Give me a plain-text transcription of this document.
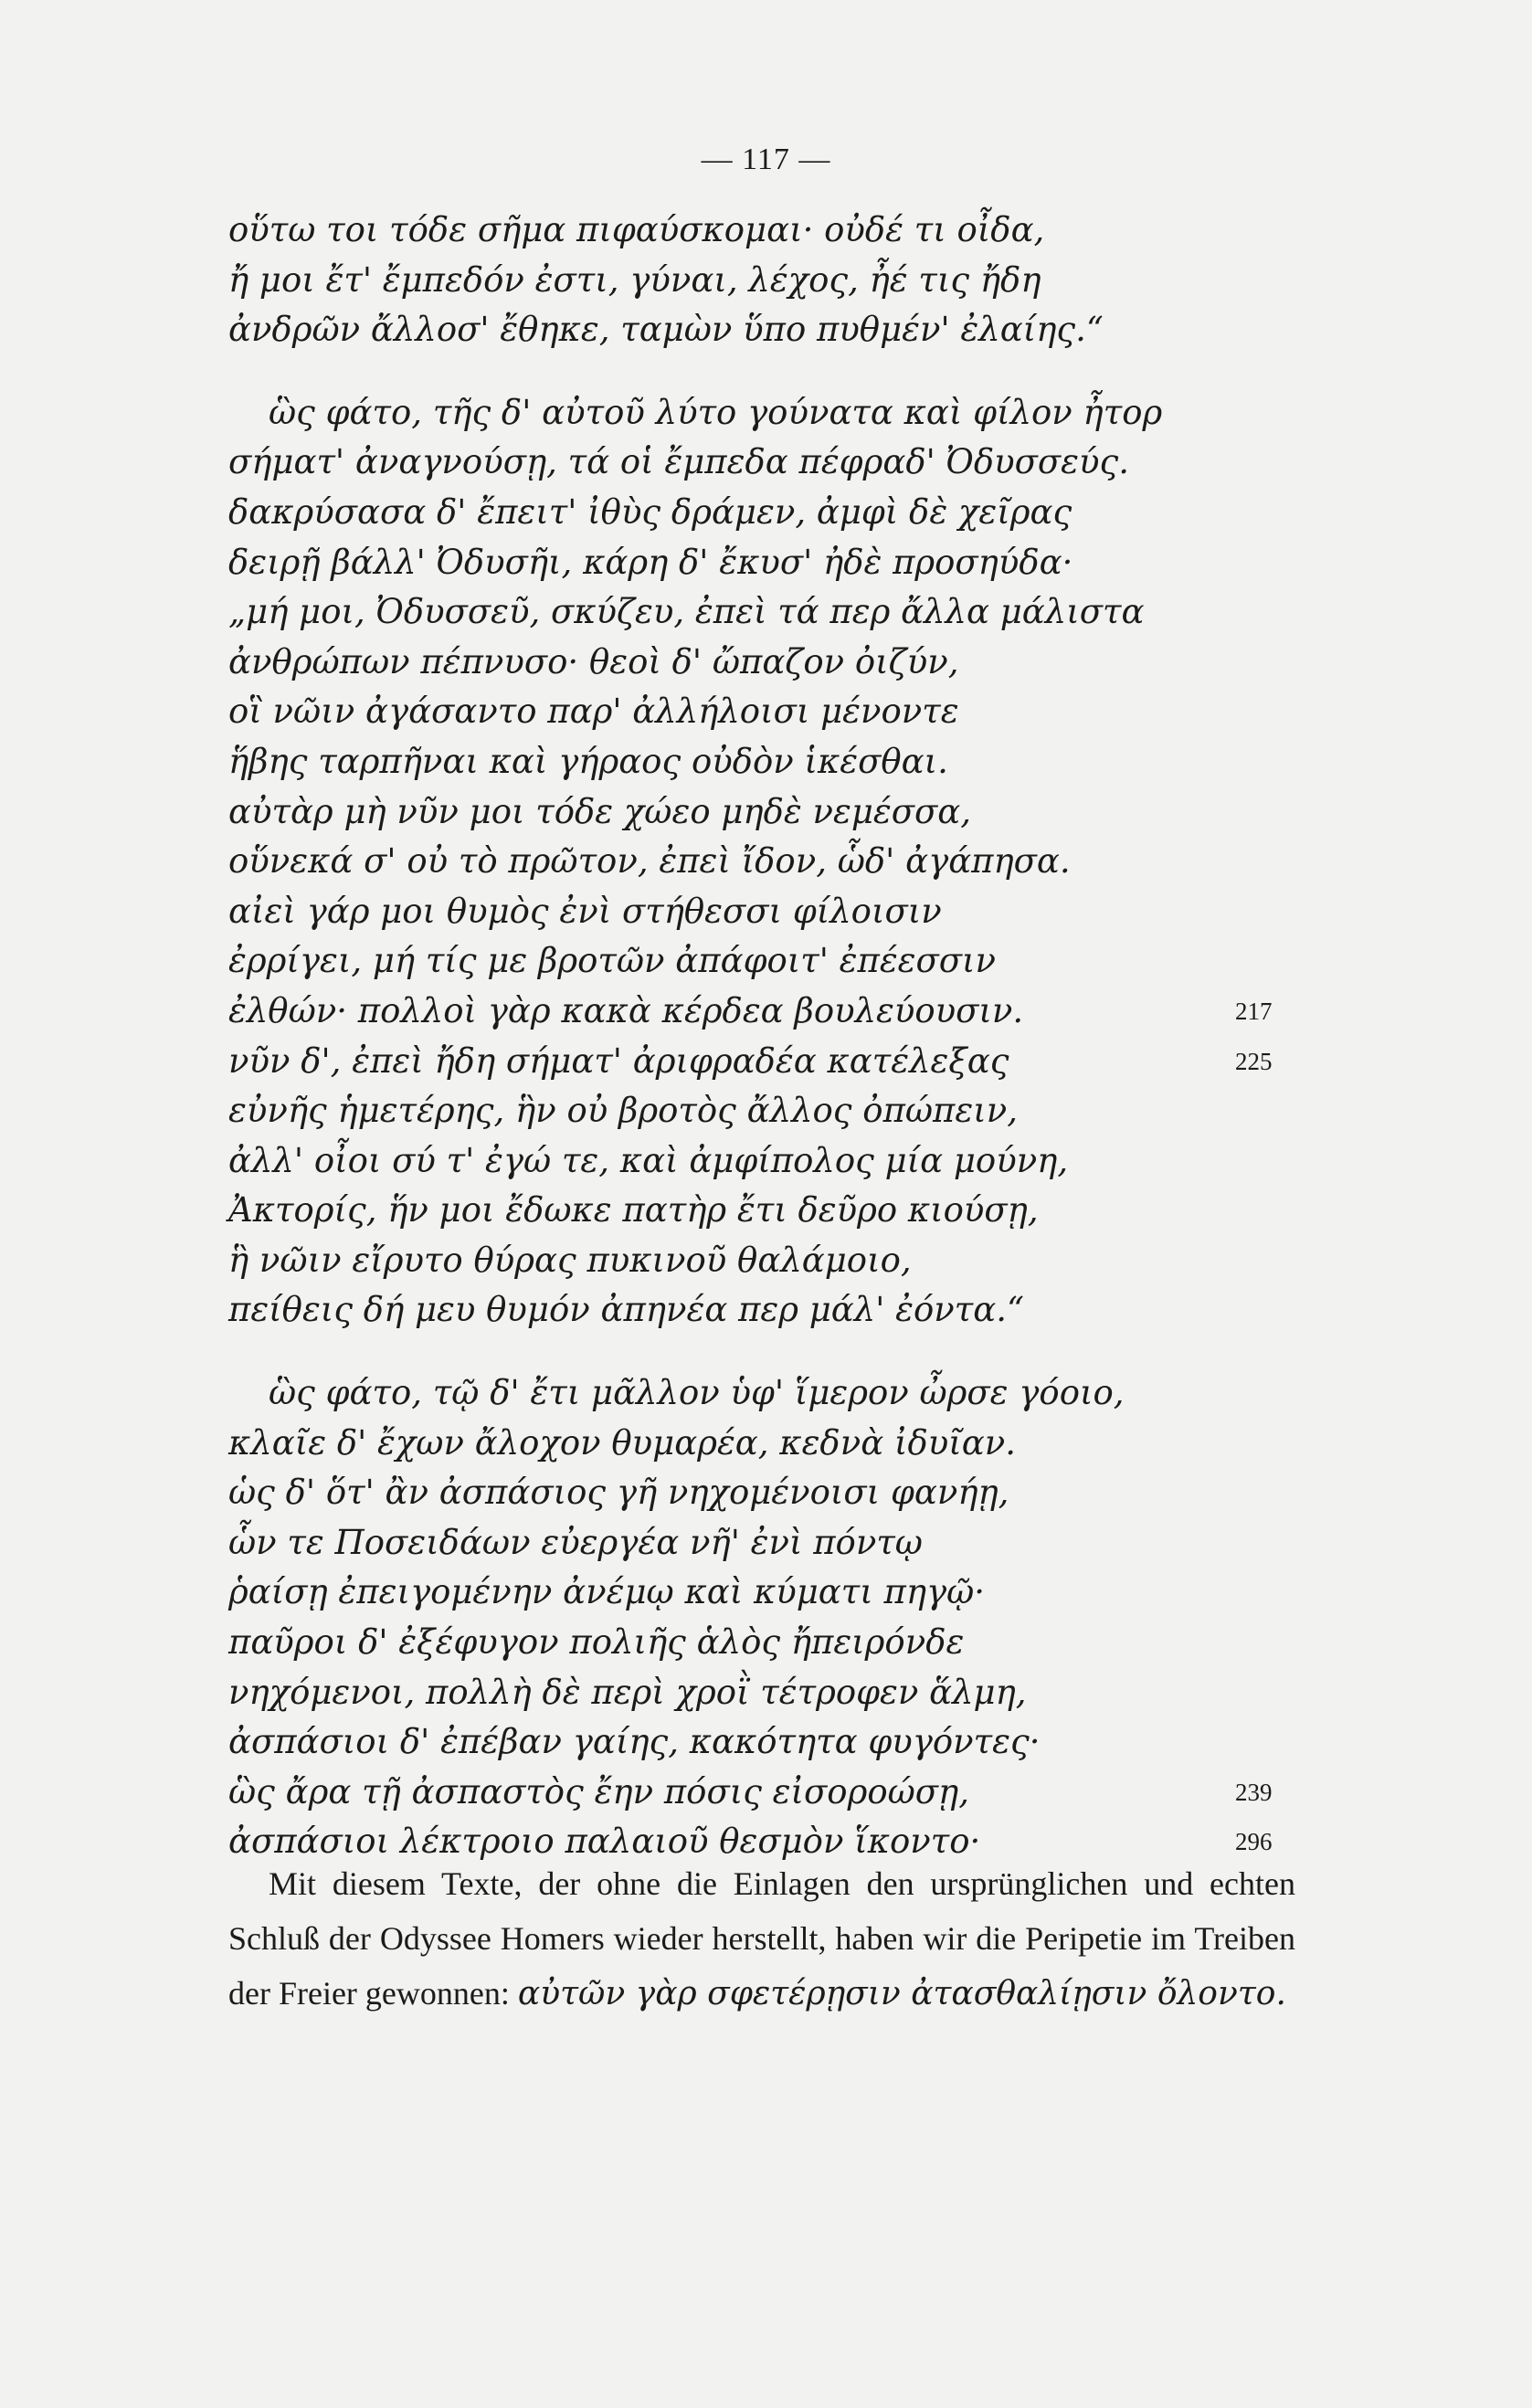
— 117 —
οὕτω τοι τόδε σῆμα πιφαύσκομαι· οὐδέ τι οἶδα,
ἤ μοι ἔτ' ἔμπεδόν ἐστι, γύναι, λέχος, ἦέ τις ἤδη
ἀνδρῶν ἄλλοσ' ἔθηκε, ταμὼν ὕπο πυθμέν' ἐλαίης.“
ὣς φάτο, τῆς δ' αὐτοῦ λύτο γούνατα καὶ φίλον ἦτορ
σήματ' ἀναγνούσῃ, τά οἱ ἔμπεδα πέφραδ' Ὀδυσσεύς.
δακρύσασα δ' ἔπειτ' ἰθὺς δράμεν, ἀμφὶ δὲ χεῖρας
δειρῇ βάλλ' Ὀδυσῆι, κάρη δ' ἔκυσ' ἠδὲ προσηύδα·
„μή μοι, Ὀδυσσεῦ, σκύζευ, ἐπεὶ τά περ ἄλλα μάλιστα
ἀνθρώπων πέπνυσο· θεοὶ δ' ὤπαζον ὀιζύν,
οἳ νῶιν ἀγάσαντο παρ' ἀλλήλοισι μένοντε
ἥβης ταρπῆναι καὶ γήραος οὐδὸν ἱκέσθαι.
αὐτὰρ μὴ νῦν μοι τόδε χώεο μηδὲ νεμέσσα,
οὕνεκά σ' οὐ τὸ πρῶτον, ἐπεὶ ἴδον, ὧδ' ἀγάπησα.
αἰεὶ γάρ μοι θυμὸς ἐνὶ στήθεσσι φίλοισιν
ἐρρίγει, μή τίς με βροτῶν ἀπάφοιτ' ἐπέεσσιν
ἐλθών· πολλοὶ γὰρ κακὰ κέρδεα βουλεύουσιν.	217
νῦν δ', ἐπεὶ ἤδη σήματ' ἀριφραδέα κατέλεξας	225
εὐνῆς ἡμετέρης, ἣν οὐ βροτὸς ἄλλος ὀπώπειν,
ἀλλ' οἶοι σύ τ' ἐγώ τε, καὶ ἀμφίπολος μία μούνη,
Ἀκτορίς, ἥν μοι ἔδωκε πατὴρ ἔτι δεῦρο κιούσῃ,
ἣ νῶιν εἴρυτο θύρας πυκινοῦ θαλάμοιο,
πείθεις δή μευ θυμόν ἀπηνέα περ μάλ' ἐόντα.“
ὣς φάτο, τῷ δ' ἔτι μᾶλλον ὑφ' ἵμερον ὦρσε γόοιο,
κλαῖε δ' ἔχων ἄλοχον θυμαρέα, κεδνὰ ἰδυῖαν.
ὡς δ' ὅτ' ἂν ἀσπάσιος γῆ νηχομένοισι φανήῃ,
ὧν τε Ποσειδάων εὐεργέα νῆ' ἐνὶ πόντῳ
ῥαίσῃ ἐπειγομένην ἀνέμῳ καὶ κύματι πηγῷ·
παῦροι δ' ἐξέφυγον πολιῆς ἁλὸς ἤπειρόνδε
νηχόμενοι, πολλὴ δὲ περὶ χροῒ τέτροφεν ἅλμη,
ἀσπάσιοι δ' ἐπέβαν γαίης, κακότητα φυγόντες·
ὣς ἄρα τῇ ἀσπαστὸς ἔην πόσις εἰσοροώσῃ,	239
ἀσπάσιοι λέκτροιο παλαιοῦ θεσμὸν ἵκοντο·	296
Mit diesem Texte, der ohne die Einlagen den ursprünglichen und echten Schluß der Odyssee Homers wieder herstellt, haben wir die Peripetie im Treiben der Freier gewonnen: αὐτῶν γὰρ σφετέρῃσιν ἀτασθαλίῃσιν ὄλοντο.
